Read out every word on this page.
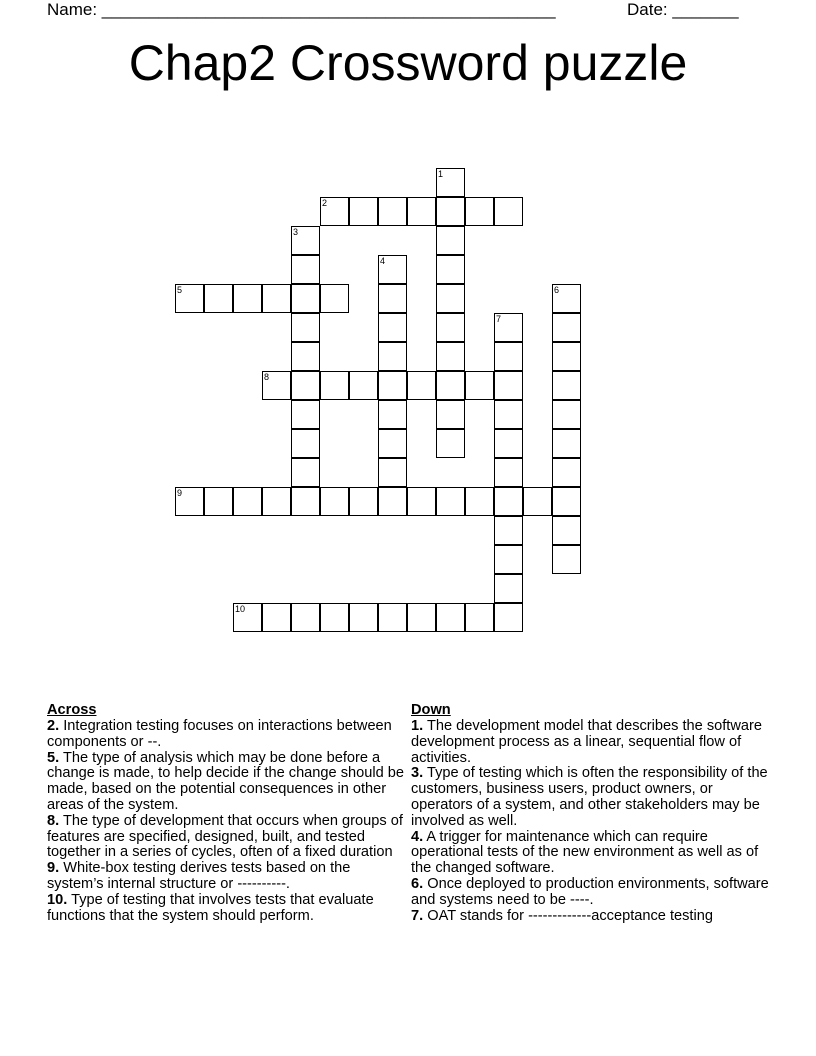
Name: ________________________________________________	Date: _______
Chap2 Crossword puzzle
1
2
3
4
5	6
7
8
9
10
Across
2. Integration testing focuses on interactions between components or --.
5. The type of analysis which may be done before a change is made, to help decide if the change should be made, based on the potential consequences in other areas of the system.
8. The type of development that occurs when groups of features are specified, designed, built, and tested together in a series of cycles, often of a fixed duration
9. White-box testing derives tests based on the system’s internal structure or ----------.
10. Type of testing that involves tests that evaluate functions that the system should perform.
Down
1. The development model that describes the software development process as a linear, sequential flow of activities.
3. Type of testing which is often the responsibility of the customers, business users, product owners, or operators of a system, and other stakeholders may be involved as well.
4. A trigger for maintenance which can require operational tests of the new environment as well as of the changed software.
6. Once deployed to production environments, software and systems need to be ----.
7. OAT stands for -------------acceptance testing
